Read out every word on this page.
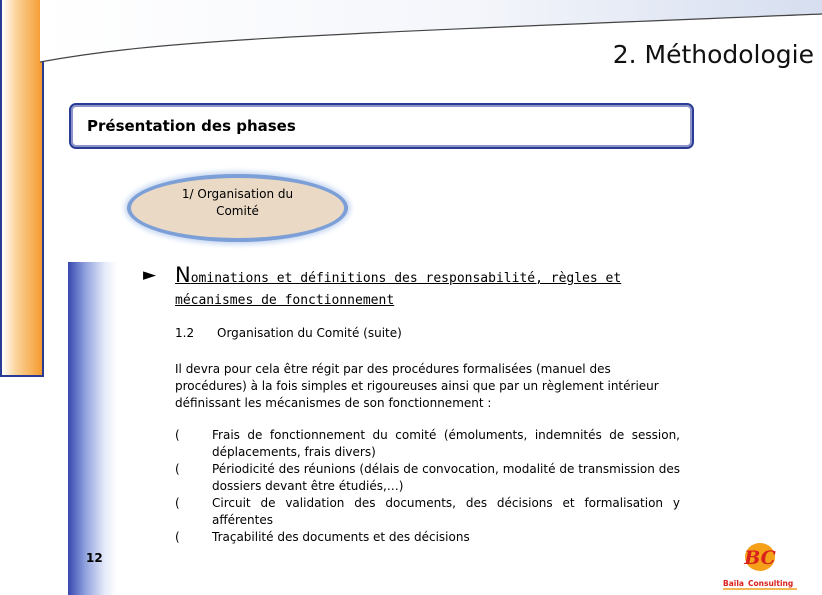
2. Méthodologie
Présentation des phases
1/ Organisation du
Comité
► Nominations et définitions des responsabilité, règles et mécanismes de fonctionnement
1.2 Organisation du Comité (suite)
Il devra pour cela être régit par des procédures formalisées (manuel des procédures) à la fois simples et rigoureuses ainsi que par un règlement intérieur définissant les mécanismes de son fonctionnement :
(	Frais de fonctionnement du comité (émoluments, indemnités de session, déplacements, frais divers)
(	Périodicité des réunions (délais de convocation, modalité de transmission des dossiers devant être étudiés,…)
(	Circuit de validation des documents, des décisions et formalisation y afférentes
(	Traçabilité des documents et des décisions
12	BC
Baïla Consulting
